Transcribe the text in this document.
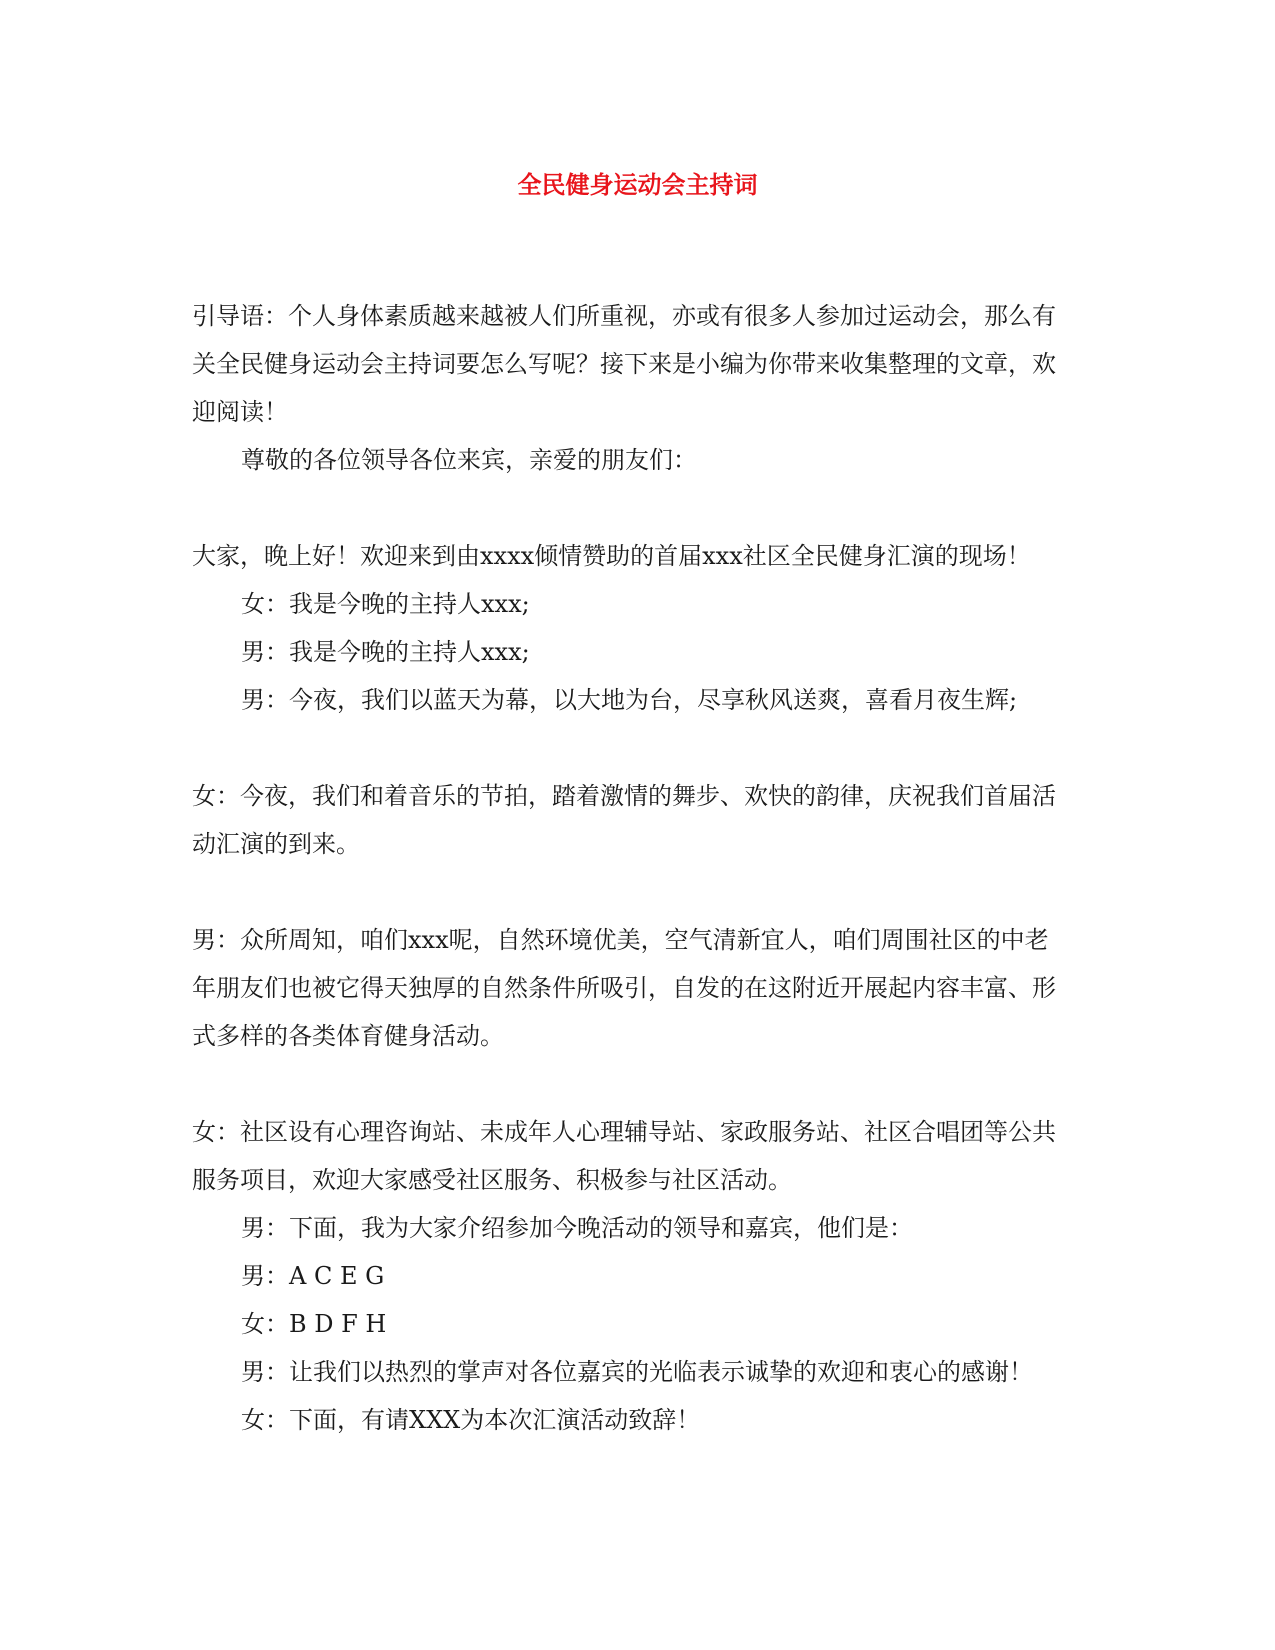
全民健身运动会主持词

引导语：个人身体素质越来越被人们所重视，亦或有很多人参加过运动会，那么有关全民健身运动会主持词要怎么写呢？接下来是小编为你带来收集整理的文章，欢迎阅读！

尊敬的各位领导各位来宾，亲爱的朋友们：

大家，晚上好！欢迎来到由xxxx倾情赞助的首届xxx社区全民健身汇演的现场！

女：我是今晚的主持人xxx;

男：我是今晚的主持人xxx;

男：今夜，我们以蓝天为幕，以大地为台，尽享秋风送爽，喜看月夜生辉;

女：今夜，我们和着音乐的节拍，踏着激情的舞步、欢快的韵律，庆祝我们首届活动汇演的到来。

男：众所周知，咱们xxx呢，自然环境优美，空气清新宜人，咱们周围社区的中老年朋友们也被它得天独厚的自然条件所吸引，自发的在这附近开展起内容丰富、形式多样的各类体育健身活动。

女：社区设有心理咨询站、未成年人心理辅导站、家政服务站、社区合唱团等公共服务项目，欢迎大家感受社区服务、积极参与社区活动。

男：下面，我为大家介绍参加今晚活动的领导和嘉宾，他们是：

男：A C E G

女：B D F H

男：让我们以热烈的掌声对各位嘉宾的光临表示诚挚的欢迎和衷心的感谢！

女：下面，有请XXX为本次汇演活动致辞！
